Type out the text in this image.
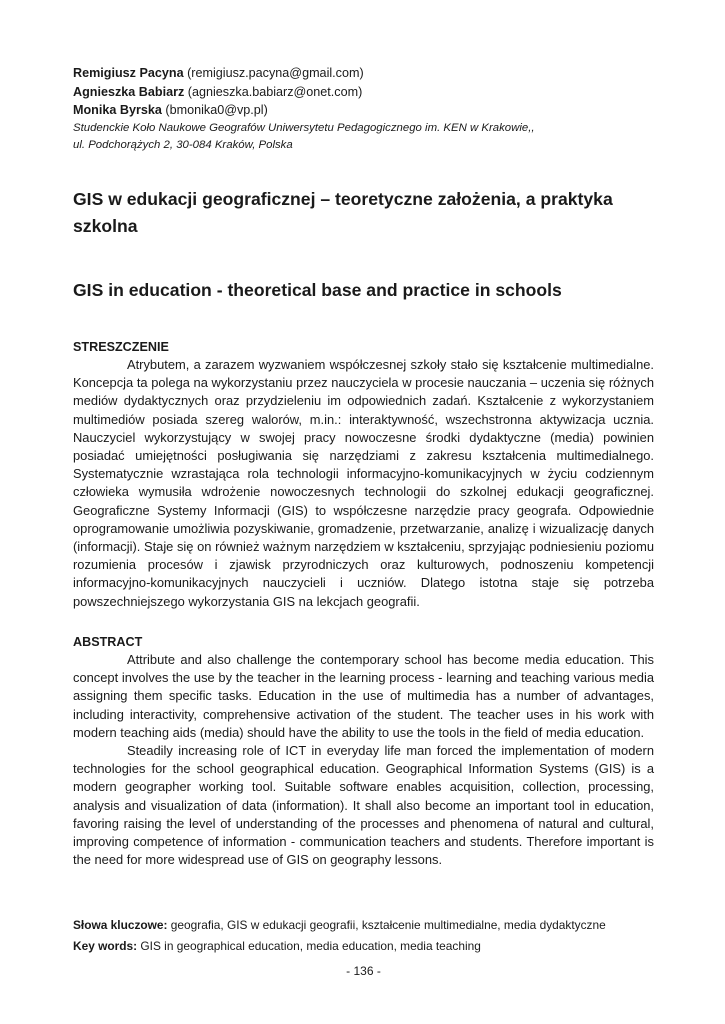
Remigiusz Pacyna (remigiusz.pacyna@gmail.com)
Agnieszka Babiarz (agnieszka.babiarz@onet.com)
Monika Byrska (bmonika0@vp.pl)
Studenckie Koło Naukowe Geografów Uniwersytetu Pedagogicznego im. KEN w Krakowie,,
ul. Podchorążych 2, 30-084 Kraków, Polska
GIS w edukacji geograficznej – teoretyczne założenia, a praktyka szkolna
GIS in education - theoretical base and practice in schools
STRESZCZENIE

Atrybutem, a zarazem wyzwaniem współczesnej szkoły stało się kształcenie multimedialne. Koncepcja ta polega na wykorzystaniu przez nauczyciela w procesie nauczania – uczenia się różnych mediów dydaktycznych oraz przydzieleniu im odpowiednich zadań. Kształcenie z wykorzystaniem multimediów posiada szereg walorów, m.in.: interaktywność, wszechstronna aktywizacja ucznia. Nauczyciel wykorzystujący w swojej pracy nowoczesne środki dydaktyczne (media) powinien posiadać umiejętności posługiwania się narzędziami z zakresu kształcenia multimedialnego. Systematycznie wzrastająca rola technologii informacyjno-komunikacyjnych w życiu codziennym człowieka wymusiła wdrożenie nowoczesnych technologii do szkolnej edukacji geograficznej. Geograficzne Systemy Informacji (GIS) to współczesne narzędzie pracy geografa. Odpowiednie oprogramowanie umożliwia pozyskiwanie, gromadzenie, przetwarzanie, analizę i wizualizację danych (informacji). Staje się on również ważnym narzędziem w kształceniu, sprzyjając podniesieniu poziomu rozumienia procesów i zjawisk przyrodniczych oraz kulturowych, podnoszeniu kompetencji informacyjno-komunikacyjnych nauczycieli i uczniów. Dlatego istotna staje się potrzeba powszechniejszego wykorzystania GIS na lekcjach geografii.

ABSTRACT

Attribute and also challenge the contemporary school has become media education. This concept involves the use by the teacher in the learning process - learning and teaching various media assigning them specific tasks. Education in the use of multimedia has a number of advantages, including interactivity, comprehensive activation of the student. The teacher uses in his work with modern teaching aids (media) should have the ability to use the tools in the field of media education.

Steadily increasing role of ICT in everyday life man forced the implementation of modern technologies for the school geographical education. Geographical Information Systems (GIS) is a modern geographer working tool. Suitable software enables acquisition, collection, processing, analysis and visualization of data (information). It shall also become an important tool in education, favoring raising the level of understanding of the processes and phenomena of natural and cultural, improving competence of information - communication teachers and students. Therefore important is the need for more widespread use of GIS on geography lessons.

Słowa kluczowe: geografia, GIS w edukacji geografii, kształcenie multimedialne, media dydaktyczne
Key words: GIS in geographical education, media education, media teaching
- 136 -
